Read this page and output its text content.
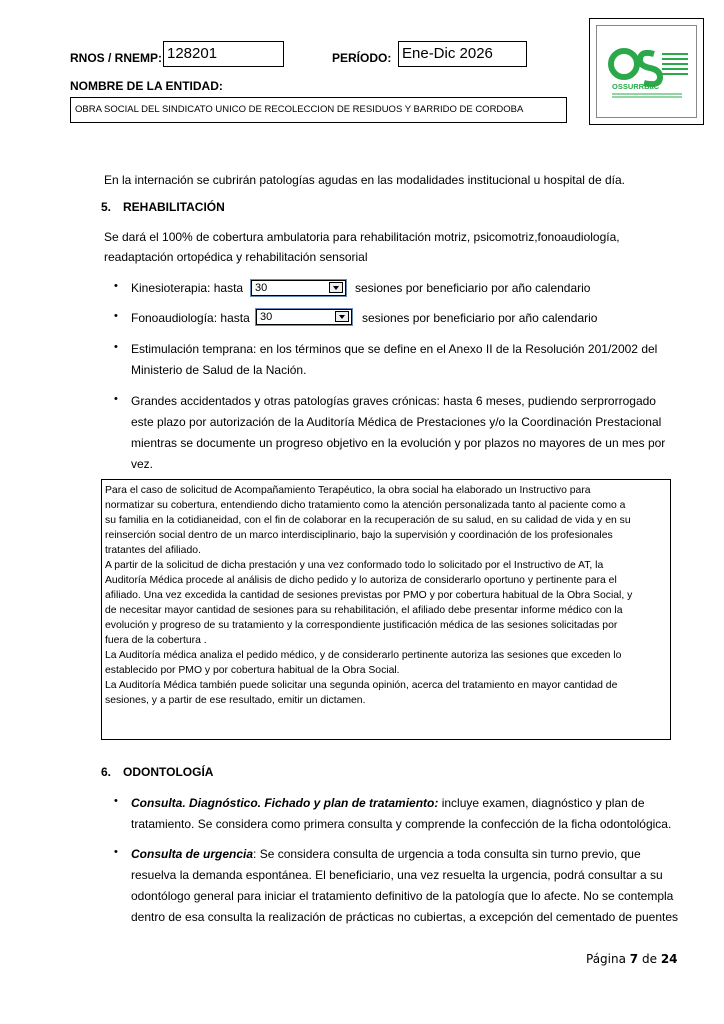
RNOS / RNEMP: 128201	PERÍODO: Ene-Dic 2026
NOMBRE DE LA ENTIDAD:
OBRA SOCIAL DEL SINDICATO UNICO DE RECOLECCION DE RESIDUOS Y BARRIDO DE CORDOBA
OSSURRBaC
En la internación se cubrirán patologías agudas en las modalidades institucional u hospital de día.
5. REHABILITACIÓN
Se dará el 100% de cobertura ambulatoria para rehabilitación motriz, psicomotriz,fonoaudiología,
readaptación ortopédica y rehabilitación sensorial
• Kinesioterapia: hasta	30	sesiones por beneficiario por año calendario
• Fonoaudiología: hasta 30	sesiones por beneficiario por año calendario
• Estimulación temprana: en los términos que se define en el Anexo II de la Resolución 201/2002 del
Ministerio de Salud de la Nación.
• Grandes accidentados y otras patologías graves crónicas: hasta 6 meses, pudiendo serprorrogado
este plazo por autorización de la Auditoría Médica de Prestaciones y/o la Coordinación Prestacional
mientras se documente un progreso objetivo en la evolución y por plazos no mayores de un mes por
vez.
Para el caso de solicitud de Acompañamiento Terapéutico, la obra social ha elaborado un Instructivo para
normatizar su cobertura, entendiendo dicho tratamiento como la atención personalizada tanto al paciente como a
su familia en la cotidianeidad, con el fin de colaborar en la recuperación de su salud, en su calidad de vida y en su
reinserción social dentro de un marco interdisciplinario, bajo la supervisión y coordinación de los profesionales
tratantes del afiliado.
A partir de la solicitud de dicha prestación y una vez conformado todo lo solicitado por el Instructivo de AT, la
Auditoría Médica procede al análisis de dicho pedido y lo autoriza de considerarlo oportuno y pertinente para el
afiliado. Una vez excedida la cantidad de sesiones previstas por PMO y por cobertura habitual de la Obra Social, y
de necesitar mayor cantidad de sesiones para su rehabilitación, el afiliado debe presentar informe médico con la
evolución y progreso de su tratamiento y la correspondiente justificación médica de las sesiones solicitadas por
fuera de la cobertura .
La Auditoría médica analiza el pedido médico, y de considerarlo pertinente autoriza las sesiones que exceden lo
establecido por PMO y por cobertura habitual de la Obra Social.
La Auditoría Médica también puede solicitar una segunda opinión, acerca del tratamiento en mayor cantidad de
sesiones, y a partir de ese resultado, emitir un dictamen.
6. ODONTOLOGÍA
• Consulta. Diagnóstico. Fichado y plan de tratamiento: incluye examen, diagnóstico y plan de
tratamiento. Se considera como primera consulta y comprende la confección de la ficha odontológica.
• Consulta de urgencia: Se considera consulta de urgencia a toda consulta sin turno previo, que
resuelva la demanda espontánea. El beneficiario, una vez resuelta la urgencia, podrá consultar a su
odontólogo general para iniciar el tratamiento definitivo de la patología que lo afecte. No se contempla
dentro de esa consulta la realización de prácticas no cubiertas, a excepción del cementado de puentes
Página 7 de 24
